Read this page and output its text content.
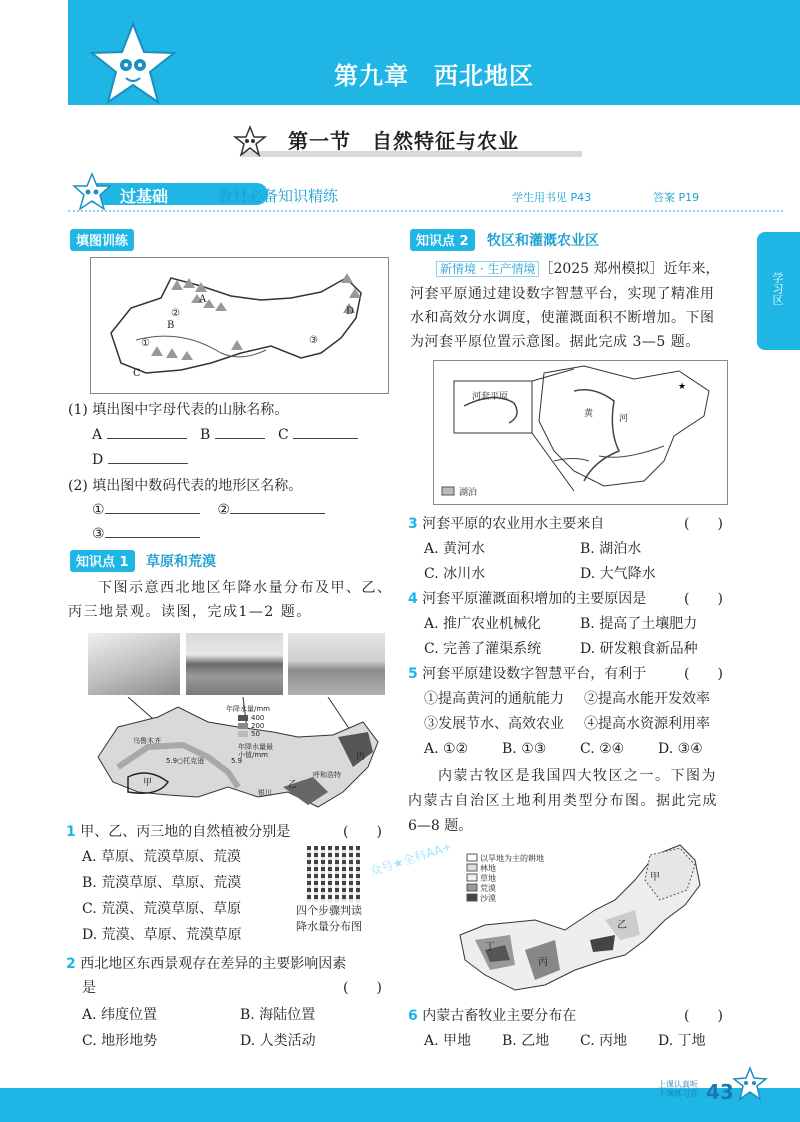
第九章　西北地区
第一节　自然特征与农业
过基础	教材必备知识精练	学生用书见 P43	答案 P19
学习区
填图训练
A
B
C
D
①
②
③
(1) 填出图中字母代表的山脉名称。
A	B	C
D
(2) 填出图中数码代表的地形区名称。
①	②
③
知识点 1	草原和荒漠
下图示意西北地区年降水量分布及甲、乙、
丙三地景观。读图，完成1—2 题。
乌鲁木齐
5.9○托克逊
年降水量/mm
400
200
50
年降水量最
小值/mm
5.9
呼和浩特
银川
甲	乙
丙
1 甲、乙、丙三地的自然植被分别是	(　　)
A. 草原、荒漠草原、荒漠
B. 荒漠草原、草原、荒漠
C. 荒漠、荒漠草原、草原
D. 荒漠、草原、荒漠草原
四个步骤判读
降水量分布图
2 西北地区东西景观存在差异的主要影响因素
是	(　　)
A. 纬度位置	B. 海陆位置
C. 地形地势	D. 人类活动
知识点 2	牧区和灌溉农业区
新情境 · 生产情境 ［2025 郑州模拟］近年来，
河套平原通过建设数字智慧平台，实现了精准用
水和高效分水调度，使灌溉面积不断增加。下图
为河套平原位置示意图。据此完成 3—5 题。
★
河套平原
黄	河
湖泊
3 河套平原的农业用水主要来自	(　　)
A. 黄河水	B. 湖泊水
C. 冰川水	D. 大气降水
4 河套平原灌溉面积增加的主要原因是	(　　)
A. 推广农业机械化	B. 提高了土壤肥力
C. 完善了灌渠系统	D. 研发粮食新品种
5 河套平原建设数字智慧平台，有利于	(　　)
①提高黄河的通航能力 ②提高水能开发效率
③发展节水、高效农业 ④提高水资源利用率
A. ①② B. ①③ C. ②④ D. ③④
内蒙古牧区是我国四大牧区之一。下图为
内蒙古自治区土地利用类型分布图。据此完成
6—8 题。
以旱地为主的耕地
林地
草地
荒漠
沙漠
甲
乙
丙
丁
6 内蒙古畜牧业主要分布在	(　　)
A. 甲地 B. 乙地 C. 丙地 D. 丁地
众号★全科AA+
上课认真听
下课练习答 43
